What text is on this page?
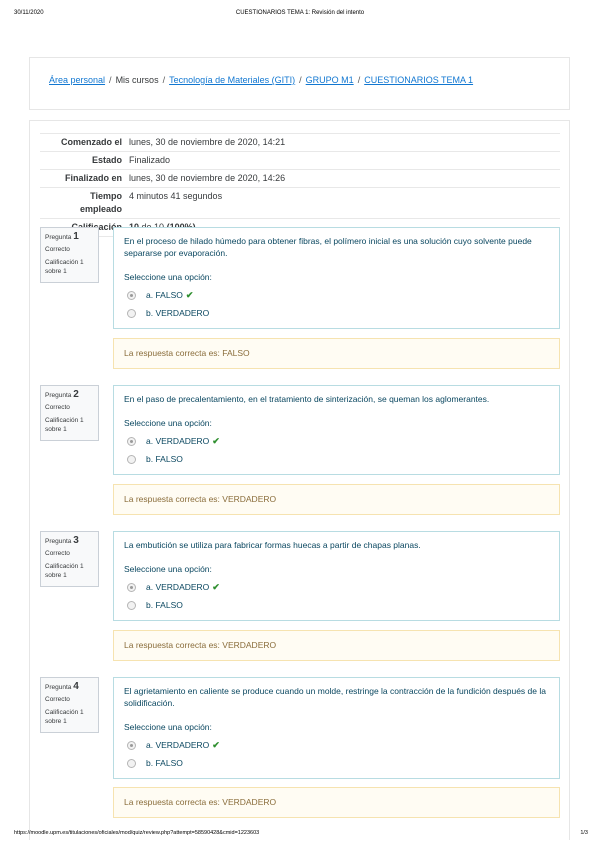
30/11/2020	CUESTIONARIOS TEMA 1: Revisión del intento
Área personal / Mis cursos / Tecnología de Materiales (GITI) / GRUPO M1 / CUESTIONARIOS TEMA 1
Comenzado el lunes, 30 de noviembre de 2020, 14:21
Estado Finalizado
Finalizado en lunes, 30 de noviembre de 2020, 14:26
Tiempo
empleado
4 minutos 41 segundos
Pregunta 1
Correcto
Calificación 1 sobre 1
En el proceso de hilado húmedo para obtener fibras, el polímero inicial es una solución cuyo solvente puede separarse por evaporación.
Seleccione una opción:
a. FALSO ✔
b. VERDADERO
La respuesta correcta es: FALSO
Pregunta 2
Correcto
Calificación 1 sobre 1
En el paso de precalentamiento, en el tratamiento de sinterización, se queman los aglomerantes.
Seleccione una opción:
a. VERDADERO ✔
b. FALSO
La respuesta correcta es: VERDADERO
Pregunta 3
Correcto
Calificación 1 sobre 1
La embutición se utiliza para fabricar formas huecas a partir de chapas planas.
Seleccione una opción:
a. VERDADERO ✔
b. FALSO
La respuesta correcta es: VERDADERO
Pregunta 4
Correcto
Calificación 1 sobre 1
El agrietamiento en caliente se produce cuando un molde, restringe la contracción de la fundición después de la solidificación.
Seleccione una opción:
a. VERDADERO ✔
b. FALSO
La respuesta correcta es: VERDADERO
https://moodle.upm.es/titulaciones/oficiales/mod/quiz/review.php?attempt=58590428&cmid=1223603	1/3
